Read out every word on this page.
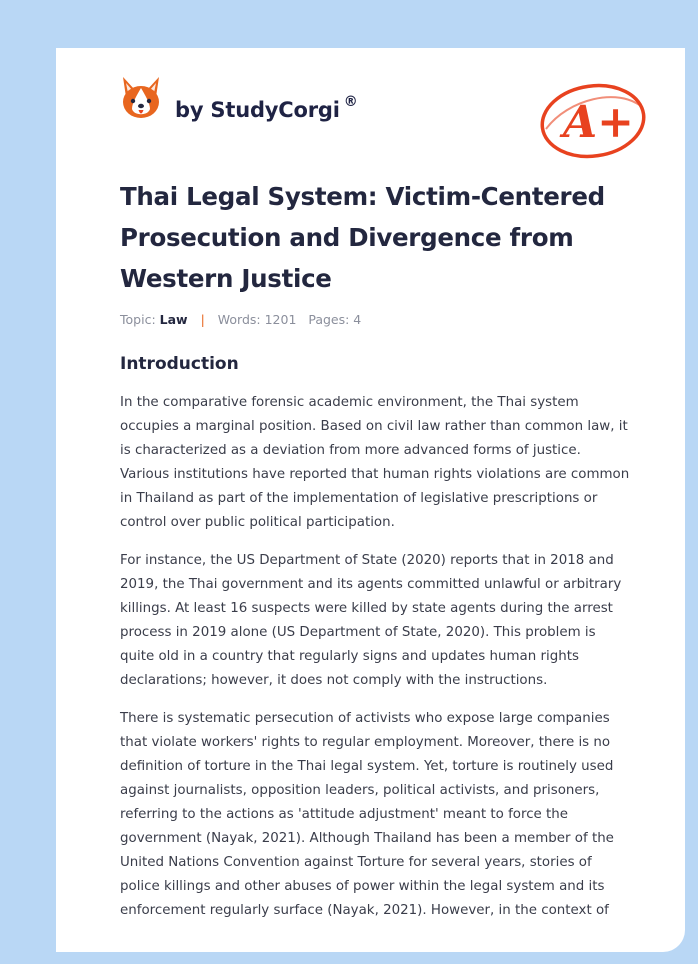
by StudyCorgi ®	A+
Thai Legal System: Victim-Centered Prosecution and Divergence from Western Justice
Topic: Law | Words: 1201 Pages: 4
Introduction

In the comparative forensic academic environment, the Thai system occupies a marginal position. Based on civil law rather than common law, it is characterized as a deviation from more advanced forms of justice. Various institutions have reported that human rights violations are common in Thailand as part of the implementation of legislative prescriptions or control over public political participation.

For instance, the US Department of State (2020) reports that in 2018 and 2019, the Thai government and its agents committed unlawful or arbitrary killings. At least 16 suspects were killed by state agents during the arrest process in 2019 alone (US Department of State, 2020). This problem is quite old in a country that regularly signs and updates human rights declarations; however, it does not comply with the instructions.

There is systematic persecution of activists who expose large companies that violate workers' rights to regular employment. Moreover, there is no definition of torture in the Thai legal system. Yet, torture is routinely used against journalists, opposition leaders, political activists, and prisoners, referring to the actions as 'attitude adjustment' meant to force the government (Nayak, 2021). Although Thailand has been a member of the United Nations Convention against Torture for several years, stories of police killings and other abuses of power within the legal system and its enforcement regularly surface (Nayak, 2021). However, in the context of
